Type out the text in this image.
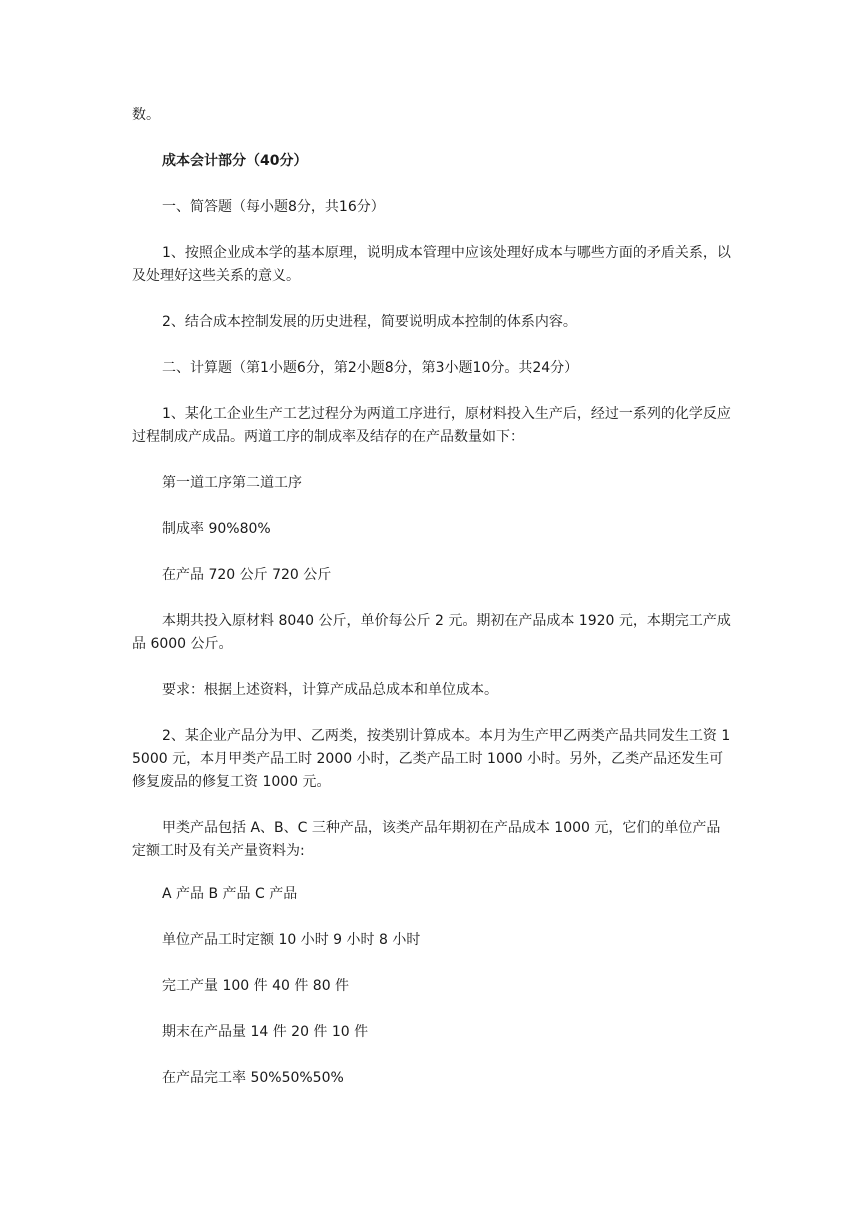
数。

成本会计部分（40分）

一、简答题（每小题8分，共16分）

1、按照企业成本学的基本原理，说明成本管理中应该处理好成本与哪些方面的矛盾关系，以及处理好这些关系的意义。

2、结合成本控制发展的历史进程，简要说明成本控制的体系内容。

二、计算题（第1小题6分，第2小题8分，第3小题10分。共24分）

1、某化工企业生产工艺过程分为两道工序进行，原材料投入生产后，经过一系列的化学反应过程制成产成品。两道工序的制成率及结存的在产品数量如下：

第一道工序第二道工序

制成率 90%80%

在产品 720 公斤 720 公斤

本期共投入原材料 8040 公斤，单价每公斤 2 元。期初在产品成本 1920 元，本期完工产成品 6000 公斤。

要求：根据上述资料，计算产成品总成本和单位成本。

2、某企业产品分为甲、乙两类，按类别计算成本。本月为生产甲乙两类产品共同发生工资 15000 元，本月甲类产品工时 2000 小时，乙类产品工时 1000 小时。另外，乙类产品还发生可修复废品的修复工资 1000 元。

甲类产品包括 A、B、C 三种产品，该类产品年期初在产品成本 1000 元，它们的单位产品定额工时及有关产量资料为:

A 产品 B 产品 C 产品

单位产品工时定额 10 小时 9 小时 8 小时

完工产量 100 件 40 件 80 件

期末在产品量 14 件 20 件 10 件

在产品完工率 50%50%50%
